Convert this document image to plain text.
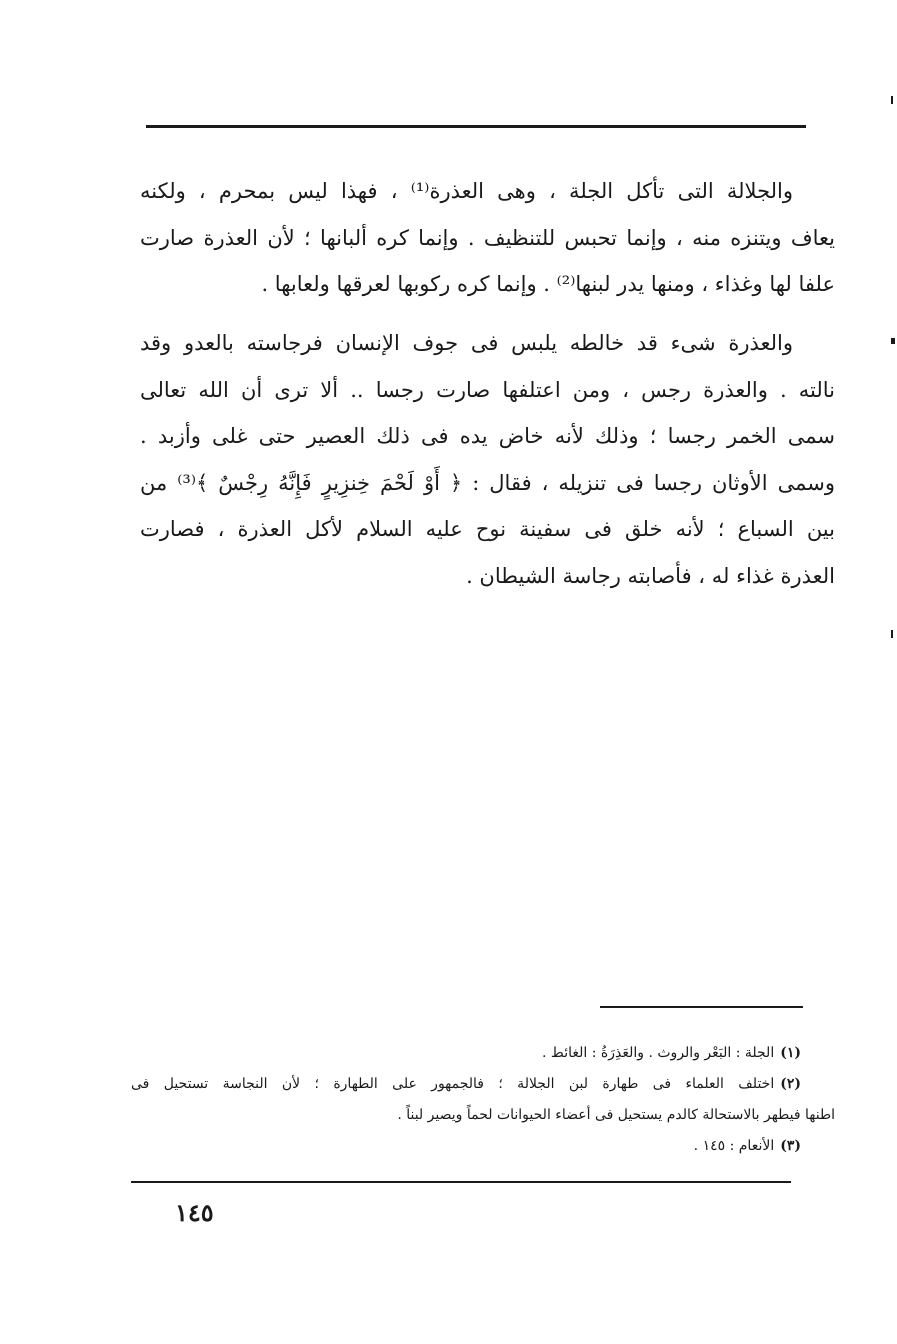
والجلالة التى تأكل الجلة ، وهى العذرة⁽¹⁾ ، فهذا ليس بمحرم ، ولكنه
يعاف ويتنزه منه ، وإنما تحبس للتنظيف . وإنما كره ألبانها ؛ لأن العذرة صارت
علفا لها وغذاء ، ومنها يدر لبنها⁽²⁾ . وإنما كره ركوبها لعرقها ولعابها .
والعذرة شىء قد خالطه يلبس فى جوف الإنسان فرجاسته بالعدو وقد
نالته . والعذرة رجس ، ومن اعتلفها صارت رجسا .. ألا ترى أن الله تعالى
سمى الخمر رجسا ؛ وذلك لأنه خاض يده فى ذلك العصير حتى غلى وأزبد .
وسمى الأوثان رجسا فى تنزيله ، فقال : ﴿ أَوْ لَحْمَ خِنزِيرٍ فَإِنَّهُ رِجْسٌ ﴾⁽³⁾ من
بين السباع ؛ لأنه خلق فى سفينة نوح عليه السلام لأكل العذرة ، فصارت
العذرة غذاء له ، فأصابته رجاسة الشيطان .
(١)الجلة : البَعْر والروث . والعَذِرَةُ : الغائط .
(٢)اختلف العلماء فى طهارة لبن الجلالة ؛ فالجمهور على الطهارة ؛ لأن النجاسة تستحيل فى
اطنها فيطهر بالاستحالة كالدم يستحيل فى أعضاء الحيوانات لحماً ويصير لبناً .
(٣)الأنعام : ١٤٥ .
١٤٥
